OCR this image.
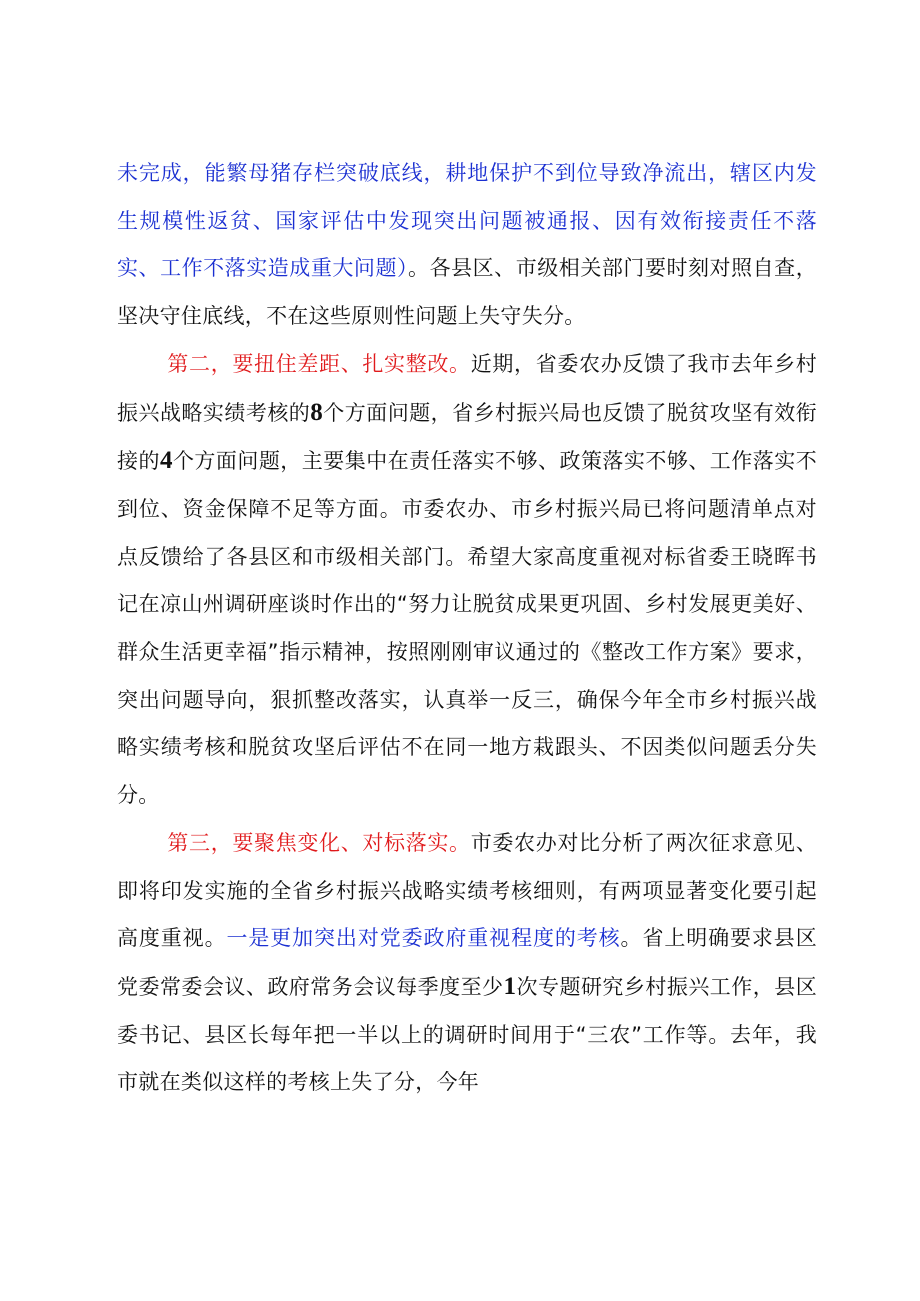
未完成，能繁母猪存栏突破底线，耕地保护不到位导致净流出，辖区内发生规模性返贫、国家评估中发现突出问题被通报、因有效衔接责任不落实、工作不落实造成重大问题）。各县区、市级相关部门要时刻对照自查，坚决守住底线，不在这些原则性问题上失守失分。

第二，要扭住差距、扎实整改。近期，省委农办反馈了我市去年乡村振兴战略实绩考核的8个方面问题，省乡村振兴局也反馈了脱贫攻坚有效衔接的4个方面问题，主要集中在责任落实不够、政策落实不够、工作落实不到位、资金保障不足等方面。市委农办、市乡村振兴局已将问题清单点对点反馈给了各县区和市级相关部门。希望大家高度重视对标省委王晓晖书记在凉山州调研座谈时作出的“努力让脱贫成果更巩固、乡村发展更美好、群众生活更幸福”指示精神，按照刚刚审议通过的《整改工作方案》要求，突出问题导向，狠抓整改落实，认真举一反三，确保今年全市乡村振兴战略实绩考核和脱贫攻坚后评估不在同一地方栽跟头、不因类似问题丢分失分。

第三，要聚焦变化、对标落实。市委农办对比分析了两次征求意见、即将印发实施的全省乡村振兴战略实绩考核细则，有两项显著变化要引起高度重视。一是更加突出对党委政府重视程度的考核。省上明确要求县区党委常委会议、政府常务会议每季度至少1次专题研究乡村振兴工作，县区委书记、县区长每年把一半以上的调研时间用于“三农”工作等。去年，我市就在类似这样的考核上失了分，今年
